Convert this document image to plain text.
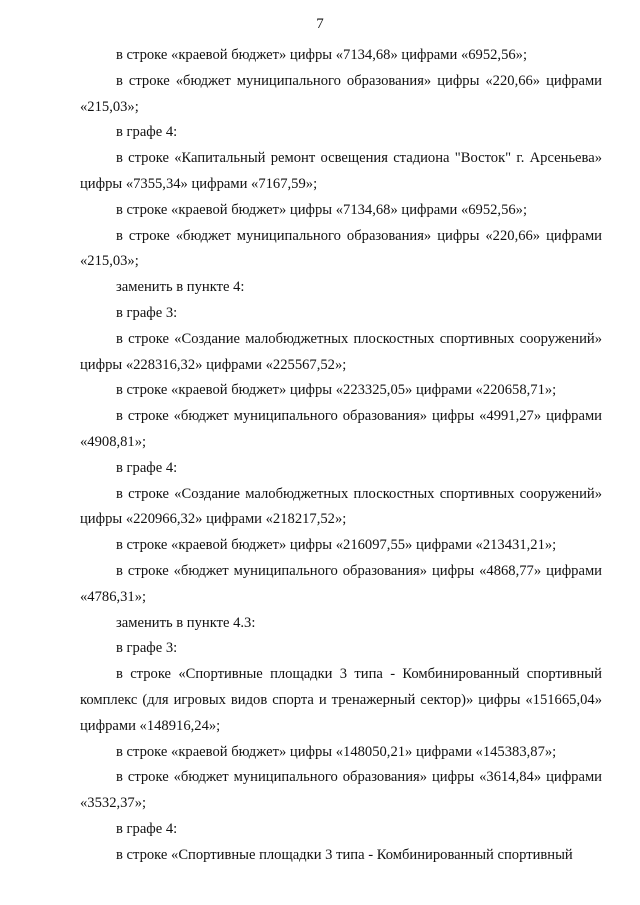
7

в строке «краевой бюджет» цифры «7134,68» цифрами «6952,56»;

в строке «бюджет муниципального образования» цифры «220,66» цифрами «215,03»;

в графе 4:

в строке «Капитальный ремонт освещения стадиона "Восток" г. Арсеньева» цифры «7355,34» цифрами «7167,59»;

в строке «краевой бюджет» цифры «7134,68» цифрами «6952,56»;

в строке «бюджет муниципального образования» цифры «220,66» цифрами «215,03»;

заменить в пункте 4:

в графе 3:

в строке «Создание малобюджетных плоскостных спортивных сооружений» цифры «228316,32» цифрами «225567,52»;

в строке «краевой бюджет» цифры «223325,05» цифрами «220658,71»;

в строке «бюджет муниципального образования» цифры «4991,27» цифрами «4908,81»;

в графе 4:

в строке «Создание малобюджетных плоскостных спортивных сооружений» цифры «220966,32» цифрами «218217,52»;

в строке «краевой бюджет» цифры «216097,55» цифрами «213431,21»;

в строке «бюджет муниципального образования» цифры «4868,77» цифрами «4786,31»;

заменить в пункте 4.3:

в графе 3:

в строке «Спортивные площадки 3 типа - Комбинированный спортивный комплекс (для игровых видов спорта и тренажерный сектор)» цифры «151665,04» цифрами «148916,24»;

в строке «краевой бюджет» цифры «148050,21» цифрами «145383,87»;

в строке «бюджет муниципального образования» цифры «3614,84» цифрами «3532,37»;

в графе 4:

в строке «Спортивные площадки 3 типа - Комбинированный спортивный
